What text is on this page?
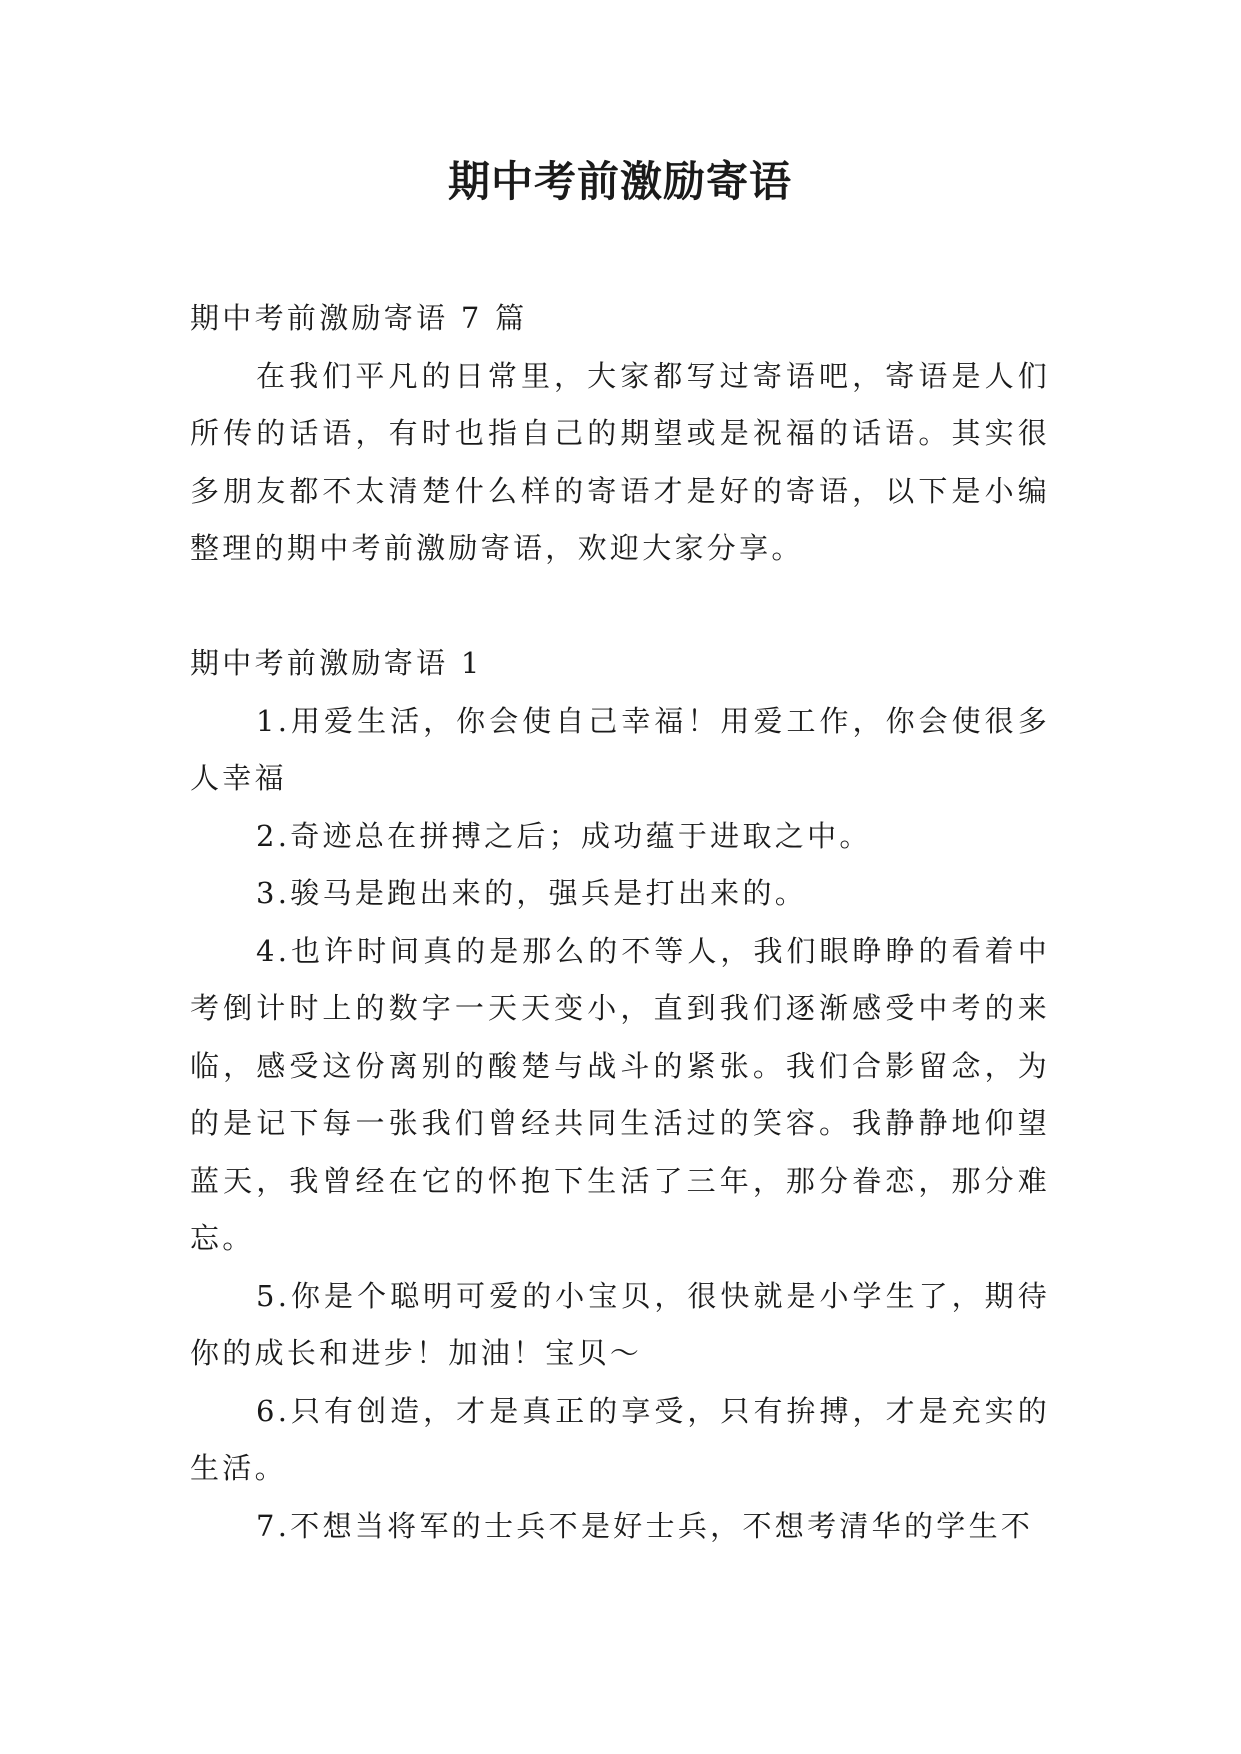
期中考前激励寄语

期中考前激励寄语 7 篇

在我们平凡的日常里，大家都写过寄语吧，寄语是人们所传的话语，有时也指自己的期望或是祝福的话语。其实很多朋友都不太清楚什么样的寄语才是好的寄语，以下是小编整理的期中考前激励寄语，欢迎大家分享。

期中考前激励寄语 1

1.用爱生活，你会使自己幸福！用爱工作，你会使很多人幸福

2.奇迹总在拼搏之后；成功蕴于进取之中。

3.骏马是跑出来的，强兵是打出来的。

4.也许时间真的是那么的不等人，我们眼睁睁的看着中考倒计时上的数字一天天变小，直到我们逐渐感受中考的来临，感受这份离别的酸楚与战斗的紧张。我们合影留念，为的是记下每一张我们曾经共同生活过的笑容。我静静地仰望蓝天，我曾经在它的怀抱下生活了三年，那分眷恋，那分难忘。

5.你是个聪明可爱的小宝贝，很快就是小学生了，期待你的成长和进步！加油！宝贝～

6.只有创造，才是真正的享受，只有拚搏，才是充实的生活。

7.不想当将军的士兵不是好士兵，不想考清华的学生不
